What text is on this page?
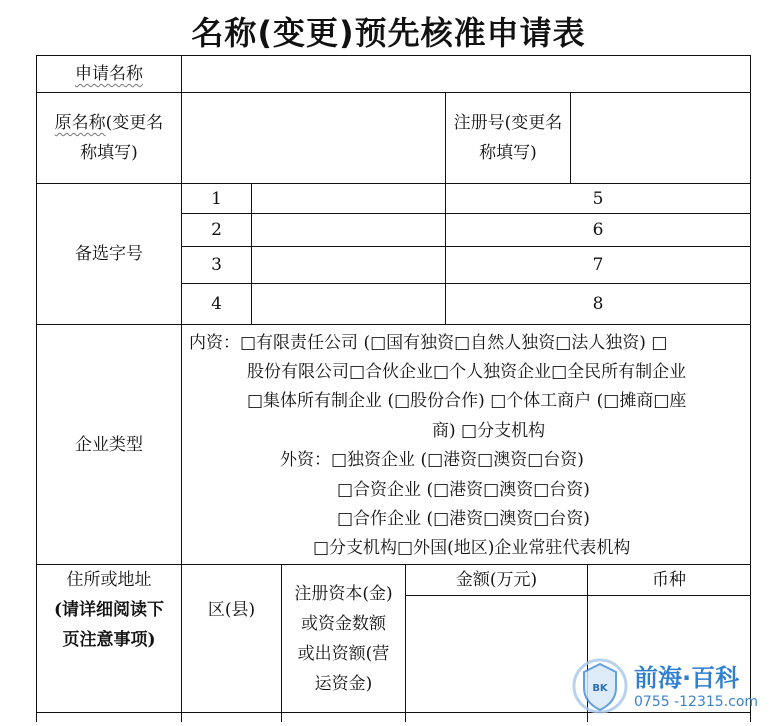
名称(变更)预先核准申请表
申请名称
原名称(变更名称填写)
注册号(变更名称填写)
备选字号
1
2
3
4
5
6
7
8
企业类型
内资：□有限责任公司 (□国有独资□自然人独资□法人独资) □
股份有限公司□合伙企业□个人独资企业□全民所有制企业
□集体所有制企业 (□股份合作) □个体工商户 (□摊商□座
商) □分支机构
外资：□独资企业 (□港资□澳资□台资)
□合资企业 (□港资□澳资□台资)
□合作企业 (□港资□澳资□台资)
□分支机构□外国(地区)企业常驻代表机构
住所或地址
(请详细阅读下页注意事项)
区(县)
注册资本(金)或资金数额或出资额(营运资金)
金额(万元)	币种
BK 前海·百科
0755 -12315.com
